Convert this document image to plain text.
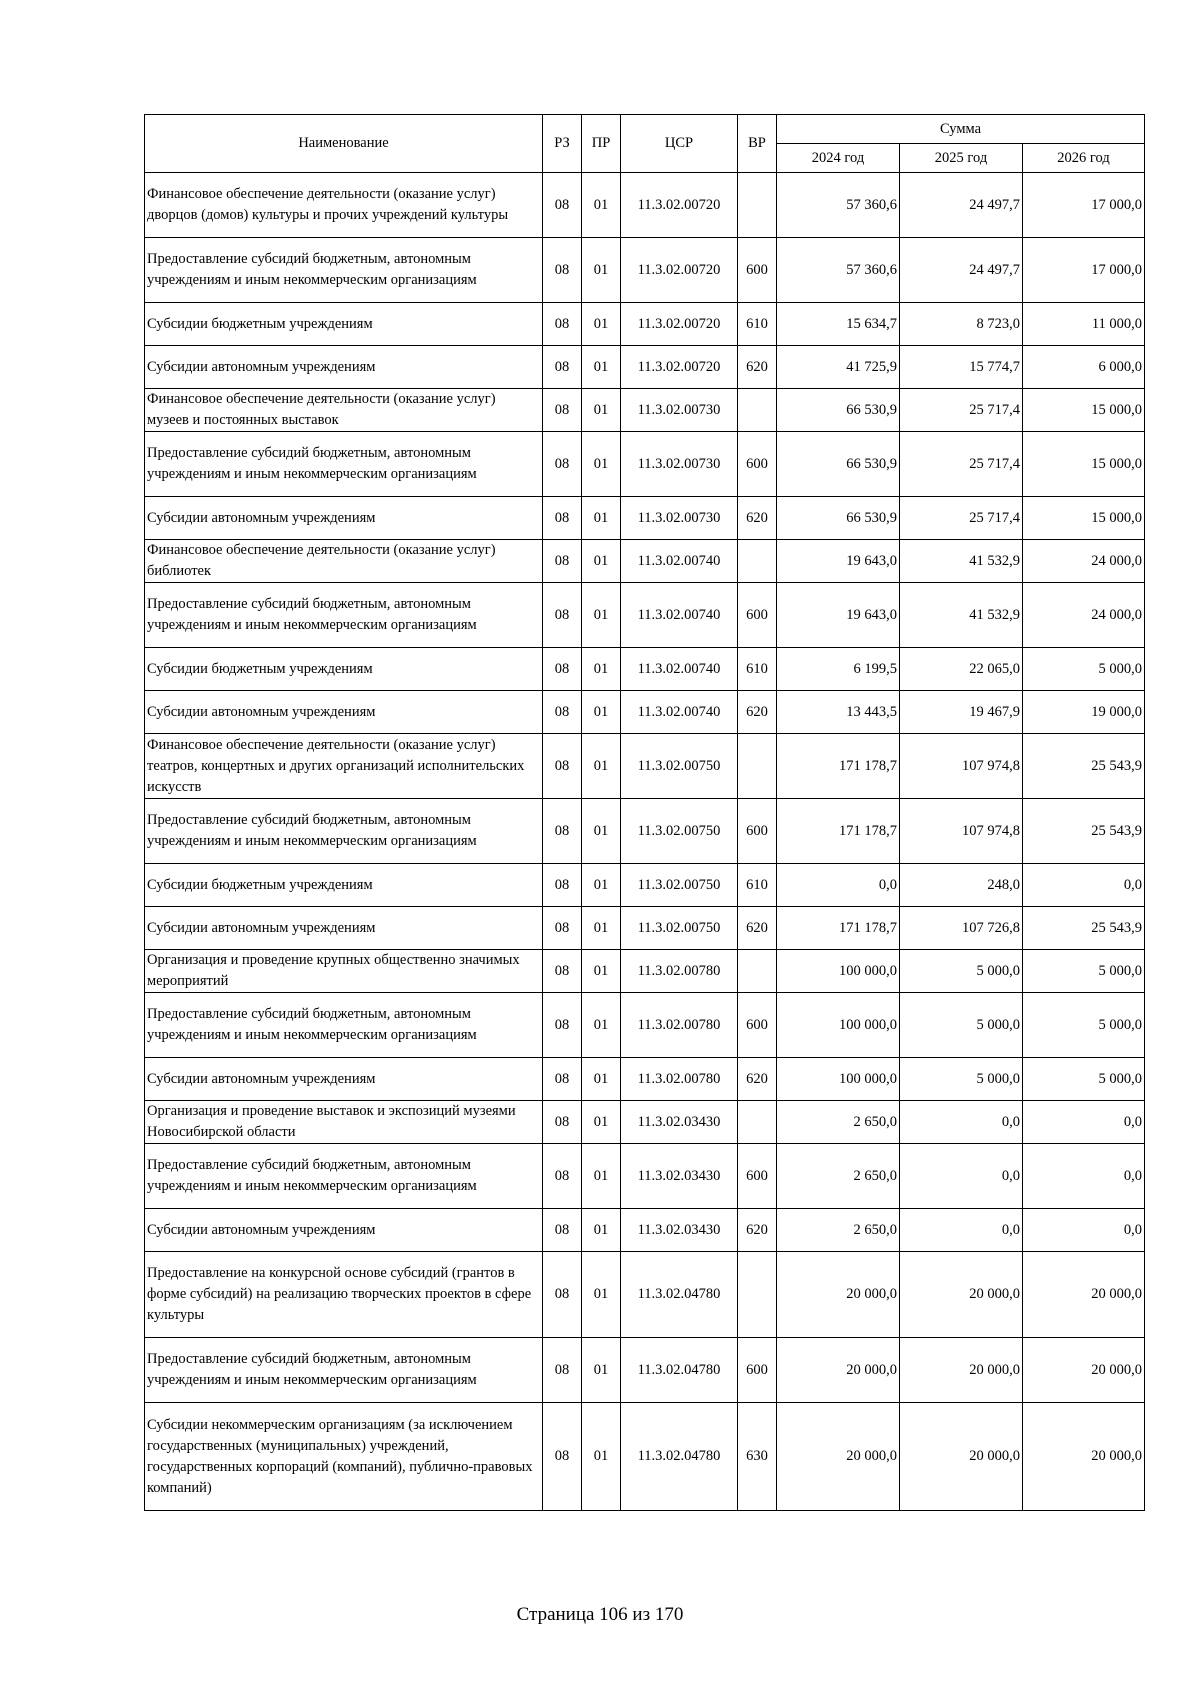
Наименование	РЗ	ПР	ЦСР	ВР	Сумма		
					2024 год	2025 год	2026 год
Финансовое обеспечение деятельности (оказание услуг) дворцов (домов) культуры и прочих учреждений культуры	08	01	11.3.02.00720		57 360,6	24 497,7	17 000,0
Предоставление субсидий бюджетным, автономным учреждениям и иным некоммерческим организациям	08	01	11.3.02.00720	600	57 360,6	24 497,7	17 000,0
Субсидии бюджетным учреждениям	08	01	11.3.02.00720	610	15 634,7	8 723,0	11 000,0
Субсидии автономным учреждениям	08	01	11.3.02.00720	620	41 725,9	15 774,7	6 000,0
Финансовое обеспечение деятельности (оказание услуг) музеев и постоянных выставок	08	01	11.3.02.00730		66 530,9	25 717,4	15 000,0
Предоставление субсидий бюджетным, автономным учреждениям и иным некоммерческим организациям	08	01	11.3.02.00730	600	66 530,9	25 717,4	15 000,0
Субсидии автономным учреждениям	08	01	11.3.02.00730	620	66 530,9	25 717,4	15 000,0
Финансовое обеспечение деятельности (оказание услуг) библиотек	08	01	11.3.02.00740		19 643,0	41 532,9	24 000,0
Предоставление субсидий бюджетным, автономным учреждениям и иным некоммерческим организациям	08	01	11.3.02.00740	600	19 643,0	41 532,9	24 000,0
Субсидии бюджетным учреждениям	08	01	11.3.02.00740	610	6 199,5	22 065,0	5 000,0
Субсидии автономным учреждениям	08	01	11.3.02.00740	620	13 443,5	19 467,9	19 000,0
Финансовое обеспечение деятельности (оказание услуг) театров, концертных и других организаций исполнительских искусств	08	01	11.3.02.00750		171 178,7	107 974,8	25 543,9
Предоставление субсидий бюджетным, автономным учреждениям и иным некоммерческим организациям	08	01	11.3.02.00750	600	171 178,7	107 974,8	25 543,9
Субсидии бюджетным учреждениям	08	01	11.3.02.00750	610	0,0	248,0	0,0
Субсидии автономным учреждениям	08	01	11.3.02.00750	620	171 178,7	107 726,8	25 543,9
Организация и проведение крупных общественно значимых мероприятий	08	01	11.3.02.00780		100 000,0	5 000,0	5 000,0
Предоставление субсидий бюджетным, автономным учреждениям и иным некоммерческим организациям	08	01	11.3.02.00780	600	100 000,0	5 000,0	5 000,0
Субсидии автономным учреждениям	08	01	11.3.02.00780	620	100 000,0	5 000,0	5 000,0
Организация и проведение выставок и экспозиций музеями Новосибирской области	08	01	11.3.02.03430		2 650,0	0,0	0,0
Предоставление субсидий бюджетным, автономным учреждениям и иным некоммерческим организациям	08	01	11.3.02.03430	600	2 650,0	0,0	0,0
Субсидии автономным учреждениям	08	01	11.3.02.03430	620	2 650,0	0,0	0,0
Предоставление на конкурсной основе субсидий (грантов в форме субсидий) на реализацию творческих проектов в сфере культуры	08	01	11.3.02.04780		20 000,0	20 000,0	20 000,0
Предоставление субсидий бюджетным, автономным учреждениям и иным некоммерческим организациям	08	01	11.3.02.04780	600	20 000,0	20 000,0	20 000,0
Субсидии некоммерческим организациям (за исключением государственных (муниципальных) учреждений, государственных корпораций (компаний), публично-правовых компаний)	08	01	11.3.02.04780	630	20 000,0	20 000,0	20 000,0
Страница 106 из 170
